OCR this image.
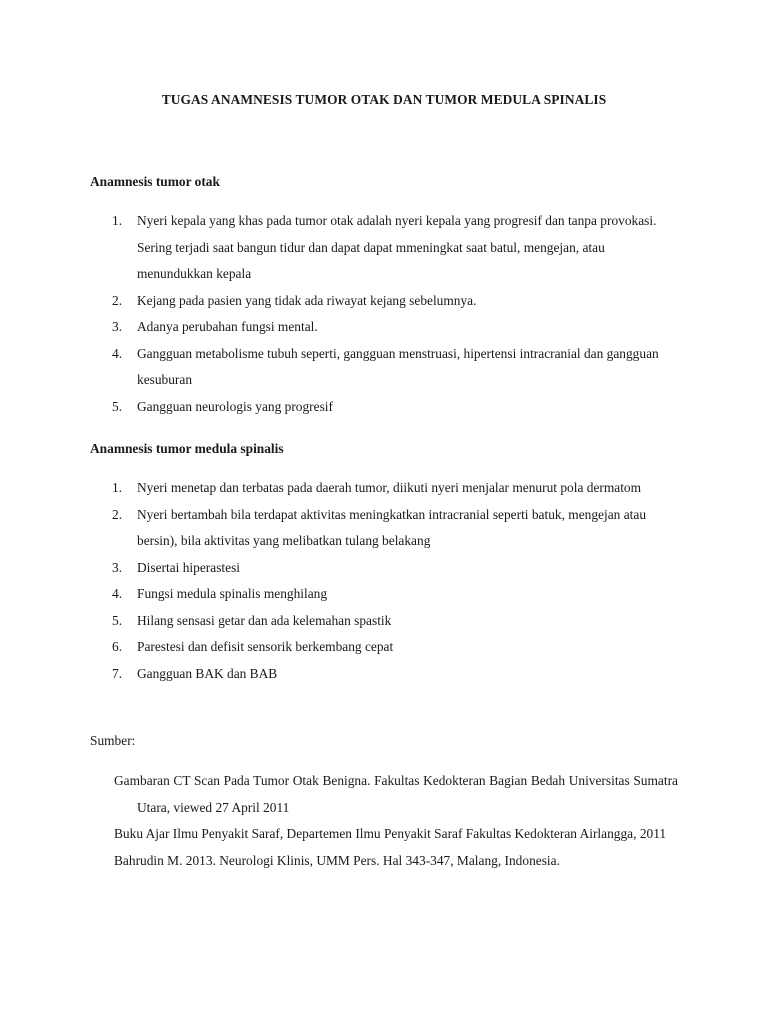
TUGAS ANAMNESIS TUMOR OTAK DAN TUMOR MEDULA SPINALIS
Anamnesis tumor otak
1. Nyeri kepala yang khas pada tumor otak adalah nyeri kepala yang progresif dan tanpa provokasi. Sering terjadi saat bangun tidur dan dapat dapat mmeningkat saat batul, mengejan, atau menundukkan kepala
2. Kejang pada pasien yang tidak ada riwayat kejang sebelumnya.
3. Adanya perubahan fungsi mental.
4. Gangguan metabolisme tubuh seperti, gangguan menstruasi, hipertensi intracranial dan gangguan kesuburan
5. Gangguan neurologis yang progresif
Anamnesis tumor medula spinalis
1. Nyeri menetap dan terbatas pada daerah tumor, diikuti nyeri menjalar menurut pola dermatom
2. Nyeri bertambah bila terdapat aktivitas meningkatkan intracranial seperti batuk, mengejan atau bersin), bila aktivitas yang melibatkan tulang belakang
3. Disertai hiperastesi
4. Fungsi medula spinalis menghilang
5. Hilang sensasi getar dan ada kelemahan spastik
6. Parestesi dan defisit sensorik berkembang cepat
7. Gangguan BAK dan BAB
Sumber:

Gambaran CT Scan Pada Tumor Otak Benigna. Fakultas Kedokteran Bagian Bedah Universitas Sumatra Utara, viewed 27 April 2011

Buku Ajar Ilmu Penyakit Saraf, Departemen Ilmu Penyakit Saraf Fakultas Kedokteran Airlangga, 2011

Bahrudin M. 2013. Neurologi Klinis, UMM Pers. Hal 343-347, Malang, Indonesia.
